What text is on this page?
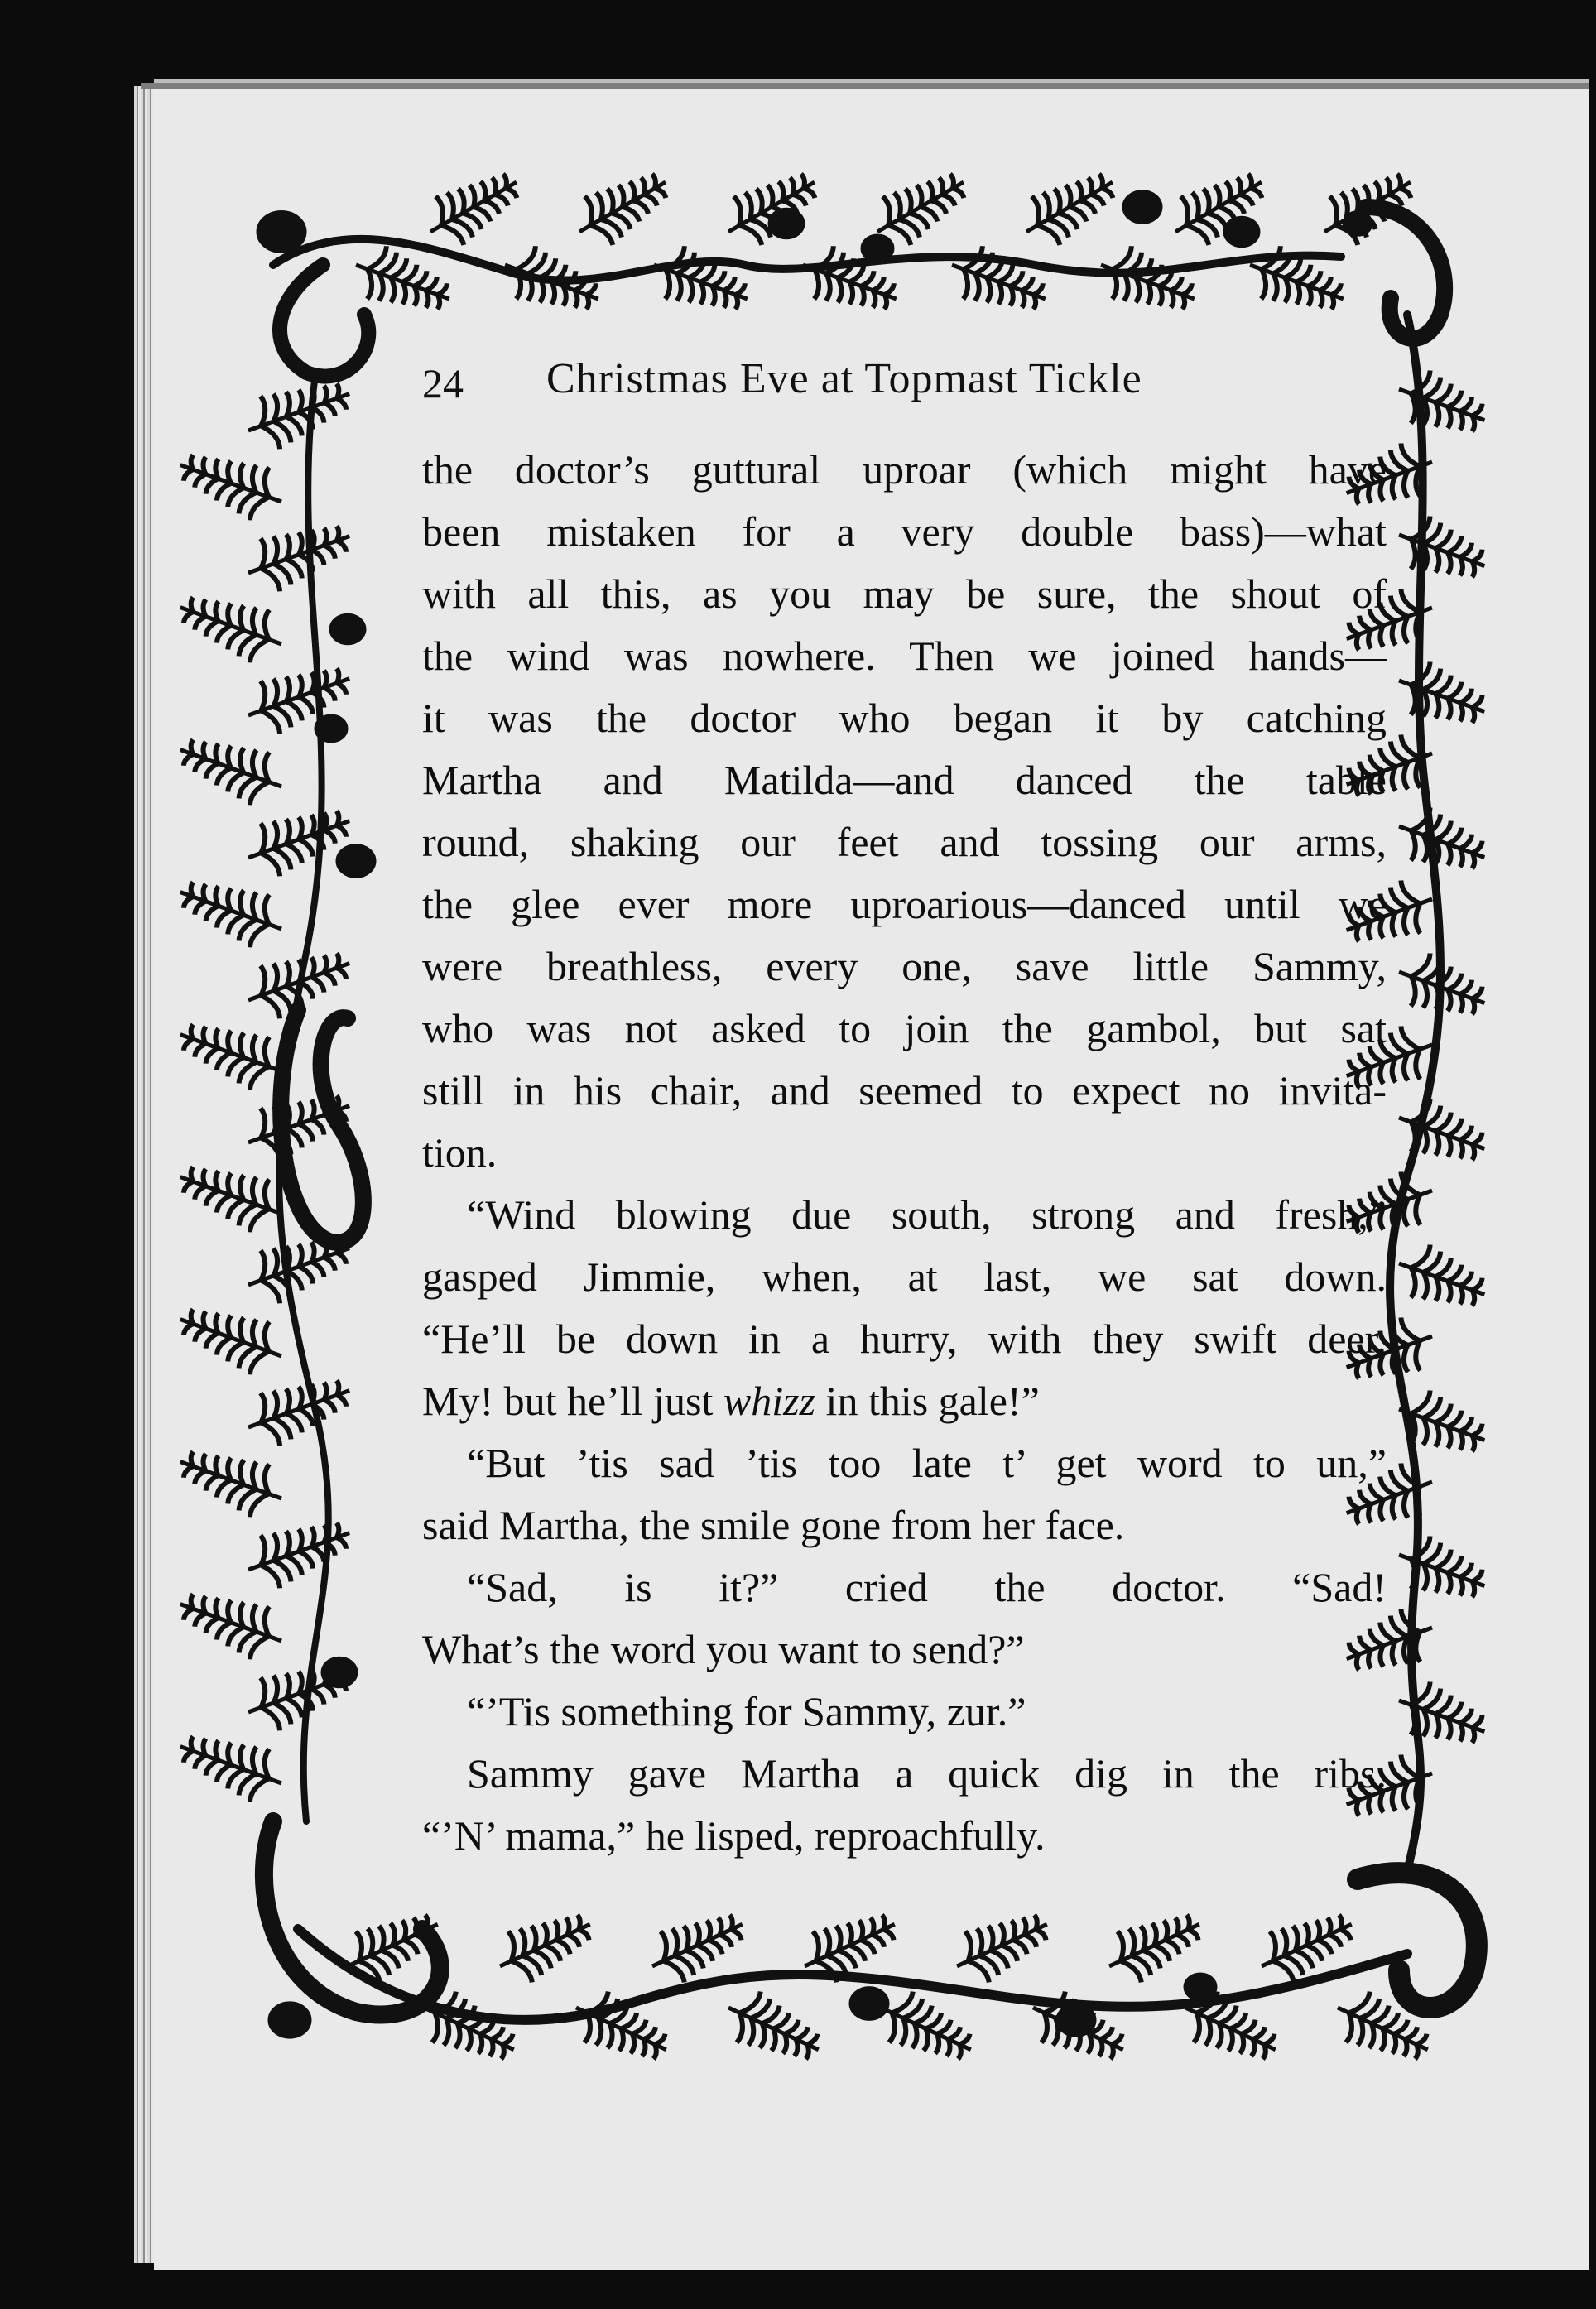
24 Christmas Eve at Topmast Tickle
the doctor’s guttural uproar (which might have
been mistaken for a very double bass)—what
with all this, as you may be sure, the shout of
the wind was nowhere. Then we joined hands—
it was the doctor who began it by catching
Martha and Matilda—and danced the table
round, shaking our feet and tossing our arms,
the glee ever more uproarious—danced until we
were breathless, every one, save little Sammy,
who was not asked to join the gambol, but sat
still in his chair, and seemed to expect no invita-
tion.
“Wind blowing due south, strong and fresh,”
gasped Jimmie, when, at last, we sat down.
“He’ll be down in a hurry, with they swift deer.
My! but he’ll just whizz in this gale!”
“But ’tis sad ’tis too late t’ get word to un,”
said Martha, the smile gone from her face.
“Sad, is it?” cried the doctor. “Sad!
What’s the word you want to send?”
“’Tis something for Sammy, zur.”
Sammy gave Martha a quick dig in the ribs.
“’N’ mama,” he lisped, reproachfully.
